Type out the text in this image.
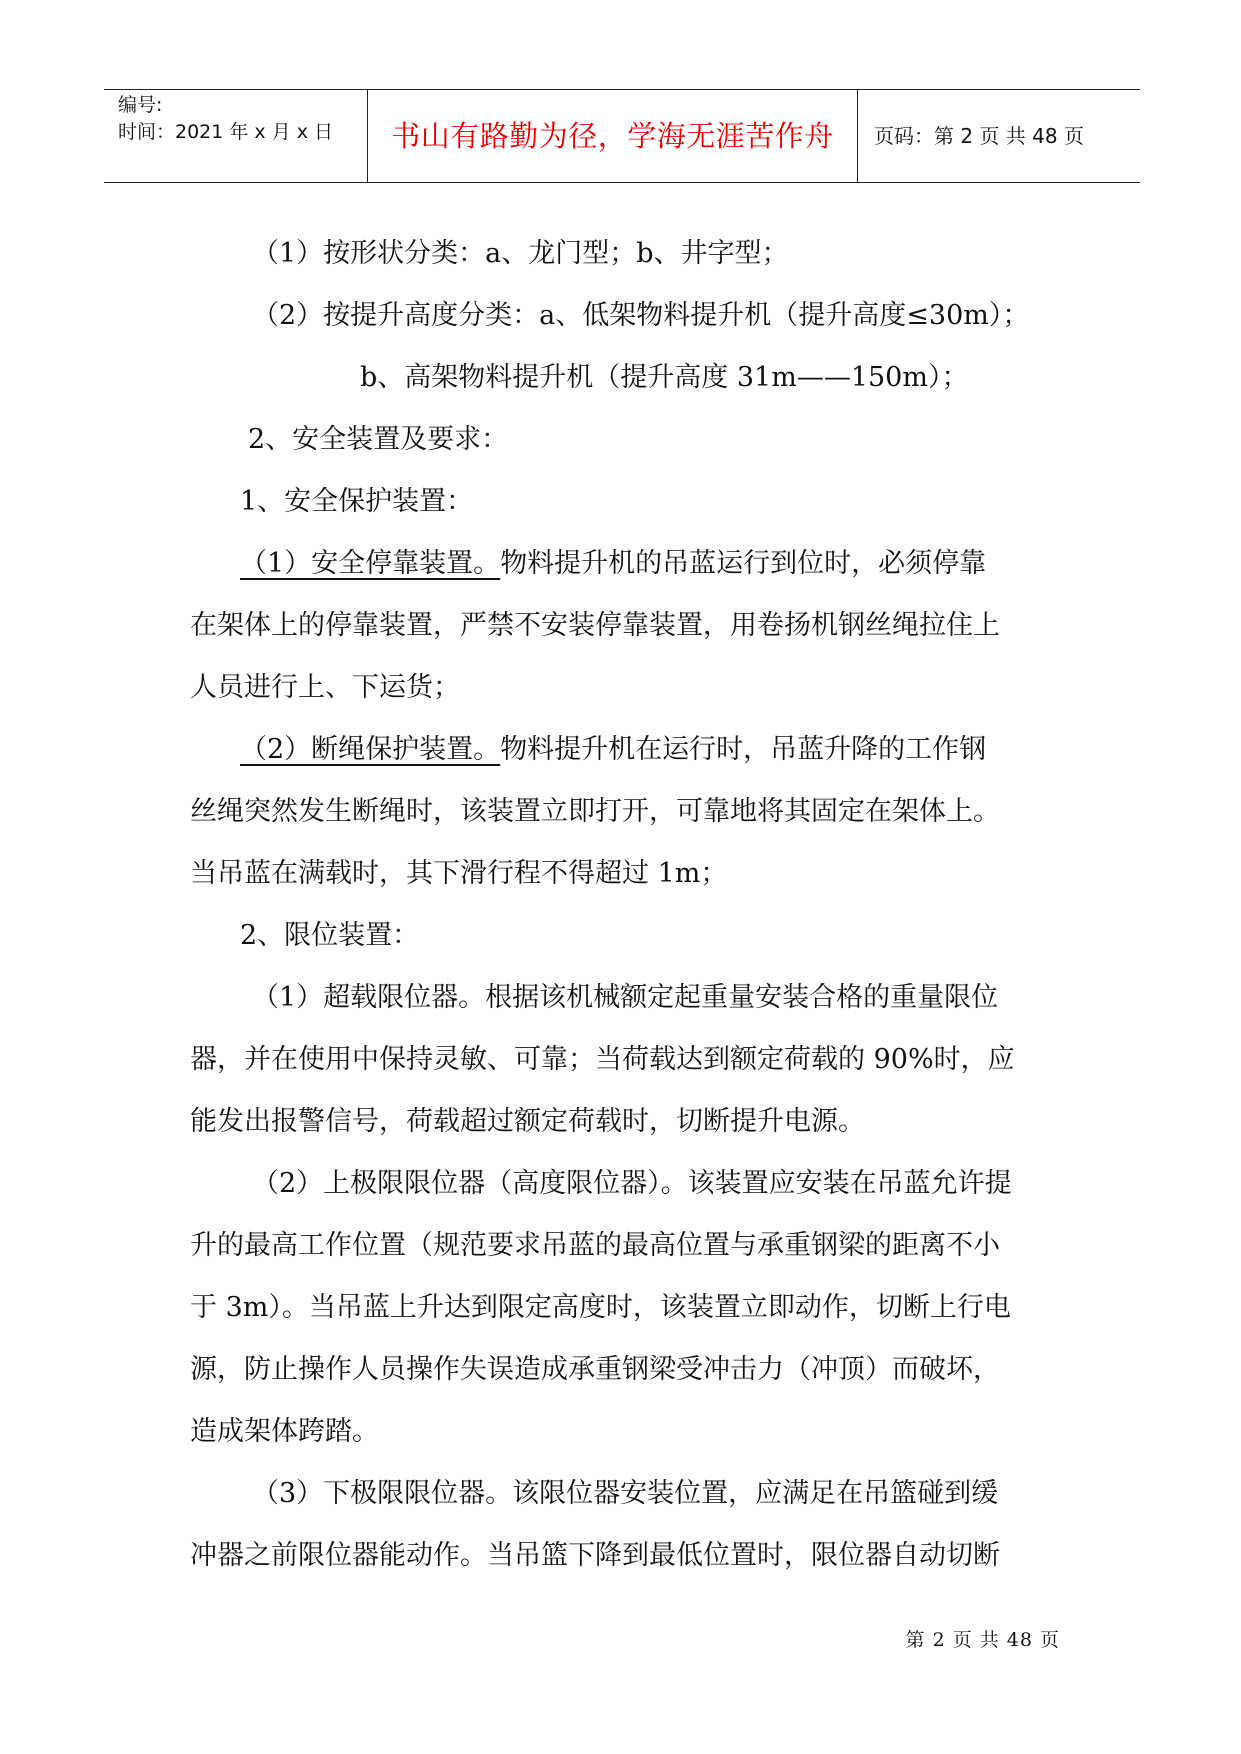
编号:
时间：2021 年 x 月 x 日	书山有路勤为径，学海无涯苦作舟	页码：第 2 页 共 48 页

（1）按形状分类：a、龙门型；b、井字型；

（2）按提升高度分类：a、低架物料提升机（提升高度≤30m）；

b、高架物料提升机（提升高度 31m——150m）；

2、安全装置及要求：

1、安全保护装置：

（1）安全停靠装置。物料提升机的吊蓝运行到位时，必须停靠

在架体上的停靠装置，严禁不安装停靠装置，用卷扬机钢丝绳拉住上

人员进行上、下运货；

（2）断绳保护装置。物料提升机在运行时，吊蓝升降的工作钢

丝绳突然发生断绳时，该装置立即打开，可靠地将其固定在架体上。

当吊蓝在满载时，其下滑行程不得超过 1m；

2、限位装置：

（1）超载限位器。根据该机械额定起重量安装合格的重量限位

器，并在使用中保持灵敏、可靠；当荷载达到额定荷载的 90%时，应

能发出报警信号，荷载超过额定荷载时，切断提升电源。

（2）上极限限位器（高度限位器）。该装置应安装在吊蓝允许提

升的最高工作位置（规范要求吊蓝的最高位置与承重钢梁的距离不小

于 3m）。当吊蓝上升达到限定高度时，该装置立即动作，切断上行电

源，防止操作人员操作失误造成承重钢梁受冲击力（冲顶）而破坏，

造成架体跨踏。

（3）下极限限位器。该限位器安装位置，应满足在吊篮碰到缓

冲器之前限位器能动作。当吊篮下降到最低位置时，限位器自动切断

第 2 页 共 48 页
